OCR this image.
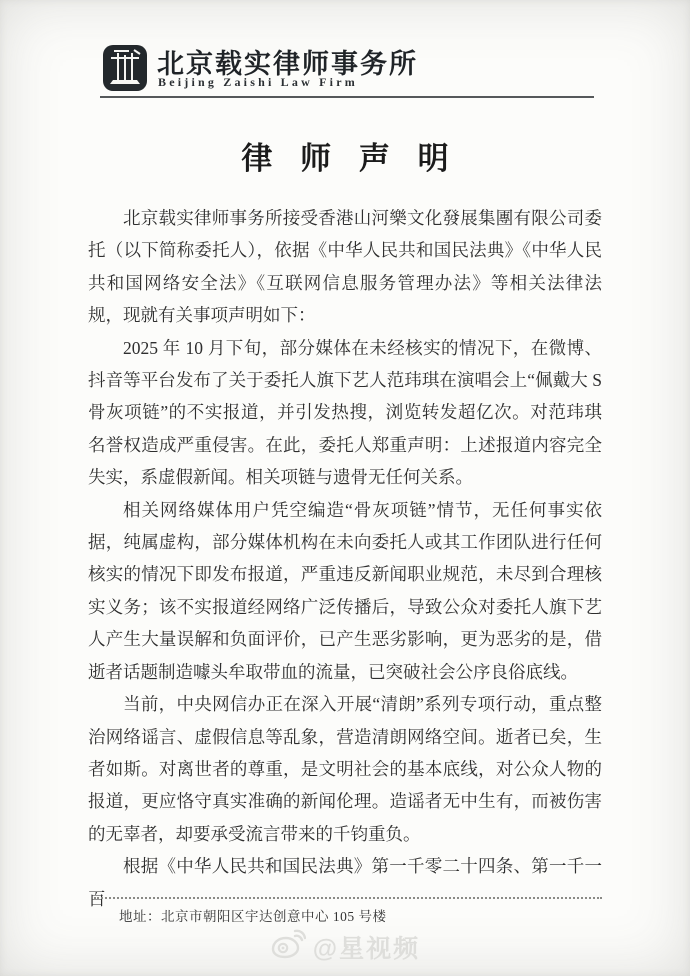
北京载实律师事务所
Beijing Zaishi Law Firm
律 师 声 明

北京载实律师事务所接受香港山河樂文化發展集團有限公司委托（以下简称委托人），依据《中华人民共和国民法典》《中华人民共和国网络安全法》《互联网信息服务管理办法》等相关法律法规，现就有关事项声明如下：

2025 年 10 月下旬，部分媒体在未经核实的情况下，在微博、抖音等平台发布了关于委托人旗下艺人范玮琪在演唱会上“佩戴大 S 骨灰项链”的不实报道，并引发热搜，浏览转发超亿次。对范玮琪名誉权造成严重侵害。在此，委托人郑重声明：上述报道内容完全失实，系虚假新闻。相关项链与遗骨无任何关系。

相关网络媒体用户凭空编造“骨灰项链”情节，无任何事实依据，纯属虚构，部分媒体机构在未向委托人或其工作团队进行任何核实的情况下即发布报道，严重违反新闻职业规范，未尽到合理核实义务；该不实报道经网络广泛传播后，导致公众对委托人旗下艺人产生大量误解和负面评价，已产生恶劣影响，更为恶劣的是，借逝者话题制造噱头牟取带血的流量，已突破社会公序良俗底线。

当前，中央网信办正在深入开展“清朗”系列专项行动，重点整治网络谣言、虚假信息等乱象，营造清朗网络空间。逝者已矣，生者如斯。对离世者的尊重，是文明社会的基本底线，对公众人物的报道，更应恪守真实准确的新闻伦理。造谣者无中生有，而被伤害的无辜者，却要承受流言带来的千钧重负。

根据《中华人民共和国民法典》第一千零二十四条、第一千一百

地址：北京市朝阳区宇达创意中心 105 号楼
@星视频
